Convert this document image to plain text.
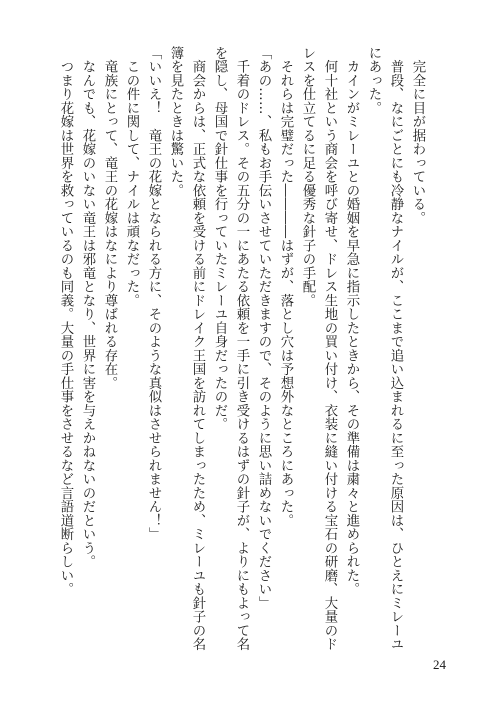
　完全に目が据わっている。
　普段、なにごとにも冷静なナイルが、ここまで追い込まれるに至った原因は、ひとえにミレーユ
にあった。
　カインがミレーユとの婚姻を早急に指示したときから、その準備は粛々と進められた。
　何十社という商会を呼び寄せ、ドレス生地の買い付け、衣装に縫い付ける宝石の研磨、大量のド
レスを仕立てるに足る優秀な針子の手配。
　それらは完璧だった――――はずが、落とし穴は予想外なところにあった。
「あの……、私もお手伝いさせていただきますので、そのように思い詰めないでください」
　千着のドレス。その五分の一にあたる依頼を一手に引き受けるはずの針子が、よりにもよって名
を隠し、母国で針仕事を行っていたミレーユ自身だったのだ。
　商会からは、正式な依頼を受ける前にドレイク王国を訪れてしまったため、ミレーユも針子の名
簿を見たときは驚いた。
「いいえ！　竜王の花嫁となられる方に、そのような真似はさせられません！」
　この件に関して、ナイルは頑なだった。
　竜族にとって、竜王の花嫁はなにより尊ばれる存在。
　なんでも、花嫁のいない竜王は邪竜となり、世界に害を与えかねないのだという。
　つまり花嫁は世界を救っているのも同義。大量の手仕事をさせるなど言語道断らしい。
24
